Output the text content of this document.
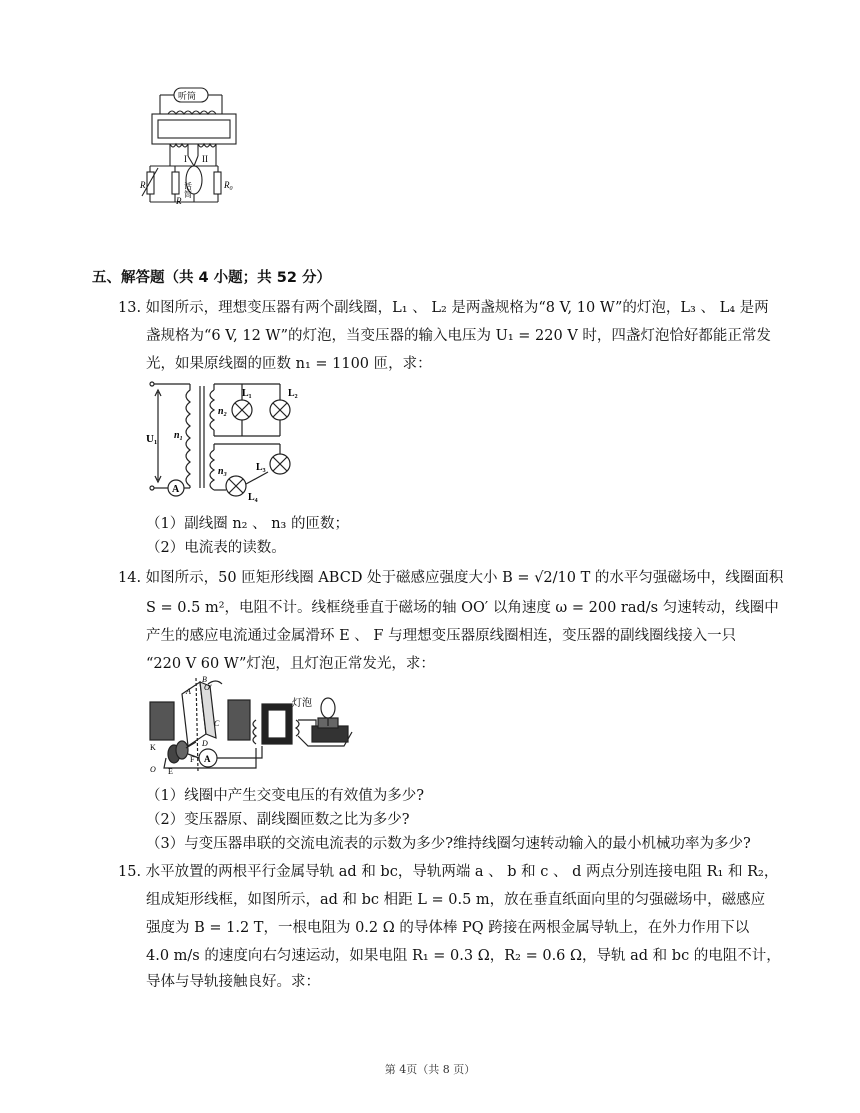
听筒
I II
话筒
R
R
$R_0$
五、解答题（共 4 小题；共 52 分）
13. 如图所示，理想变压器有两个副线圈，L₁ 、 L₂ 是两盏规格为“8 V, 10 W”的灯泡，L₃ 、 L₄ 是两
盏规格为“6 V, 12 W”的灯泡，当变压器的输入电压为 U₁ = 220 V 时，四盏灯泡恰好都能正常发
光，如果原线圈的匝数 n₁ = 1100 匝，求：
U₁ n₁
n₂
n₃
L₁	L₂
L₃
L₄
A
（1）副线圈 n₂ 、 n₃ 的匝数；
（2）电流表的读数。
14. 如图所示，50 匝矩形线圈 ABCD 处于磁感应强度大小 B = √2/10 T 的水平匀强磁场中，线圈面积
S = 0.5 m²，电阻不计。线框绕垂直于磁场的轴 OO′ 以角速度 ω = 200 rad/s 匀速转动，线圈中
产生的感应电流通过金属滑环 E 、 F 与理想变压器原线圈相连，变压器的副线圈线接入一只
“220 V 60 W”灯泡，且灯泡正常发光，求：
B
A
C
D
O′
O
K
E
F A
灯泡
（1）线圈中产生交变电压的有效值为多少?
（2）变压器原、副线圈匝数之比为多少?
（3）与变压器串联的交流电流表的示数为多少?维持线圈匀速转动输入的最小机械功率为多少?
15. 水平放置的两根平行金属导轨 ad 和 bc，导轨两端 a 、 b 和 c 、 d 两点分别连接电阻 R₁ 和 R₂，
组成矩形线框，如图所示，ad 和 bc 相距 L = 0.5 m，放在垂直纸面向里的匀强磁场中，磁感应
强度为 B = 1.2 T，一根电阻为 0.2 Ω 的导体棒 PQ 跨接在两根金属导轨上，在外力作用下以
4.0 m/s 的速度向右匀速运动，如果电阻 R₁ = 0.3 Ω，R₂ = 0.6 Ω，导轨 ad 和 bc 的电阻不计，
导体与导轨接触良好。求：
第 4页（共 8 页）
